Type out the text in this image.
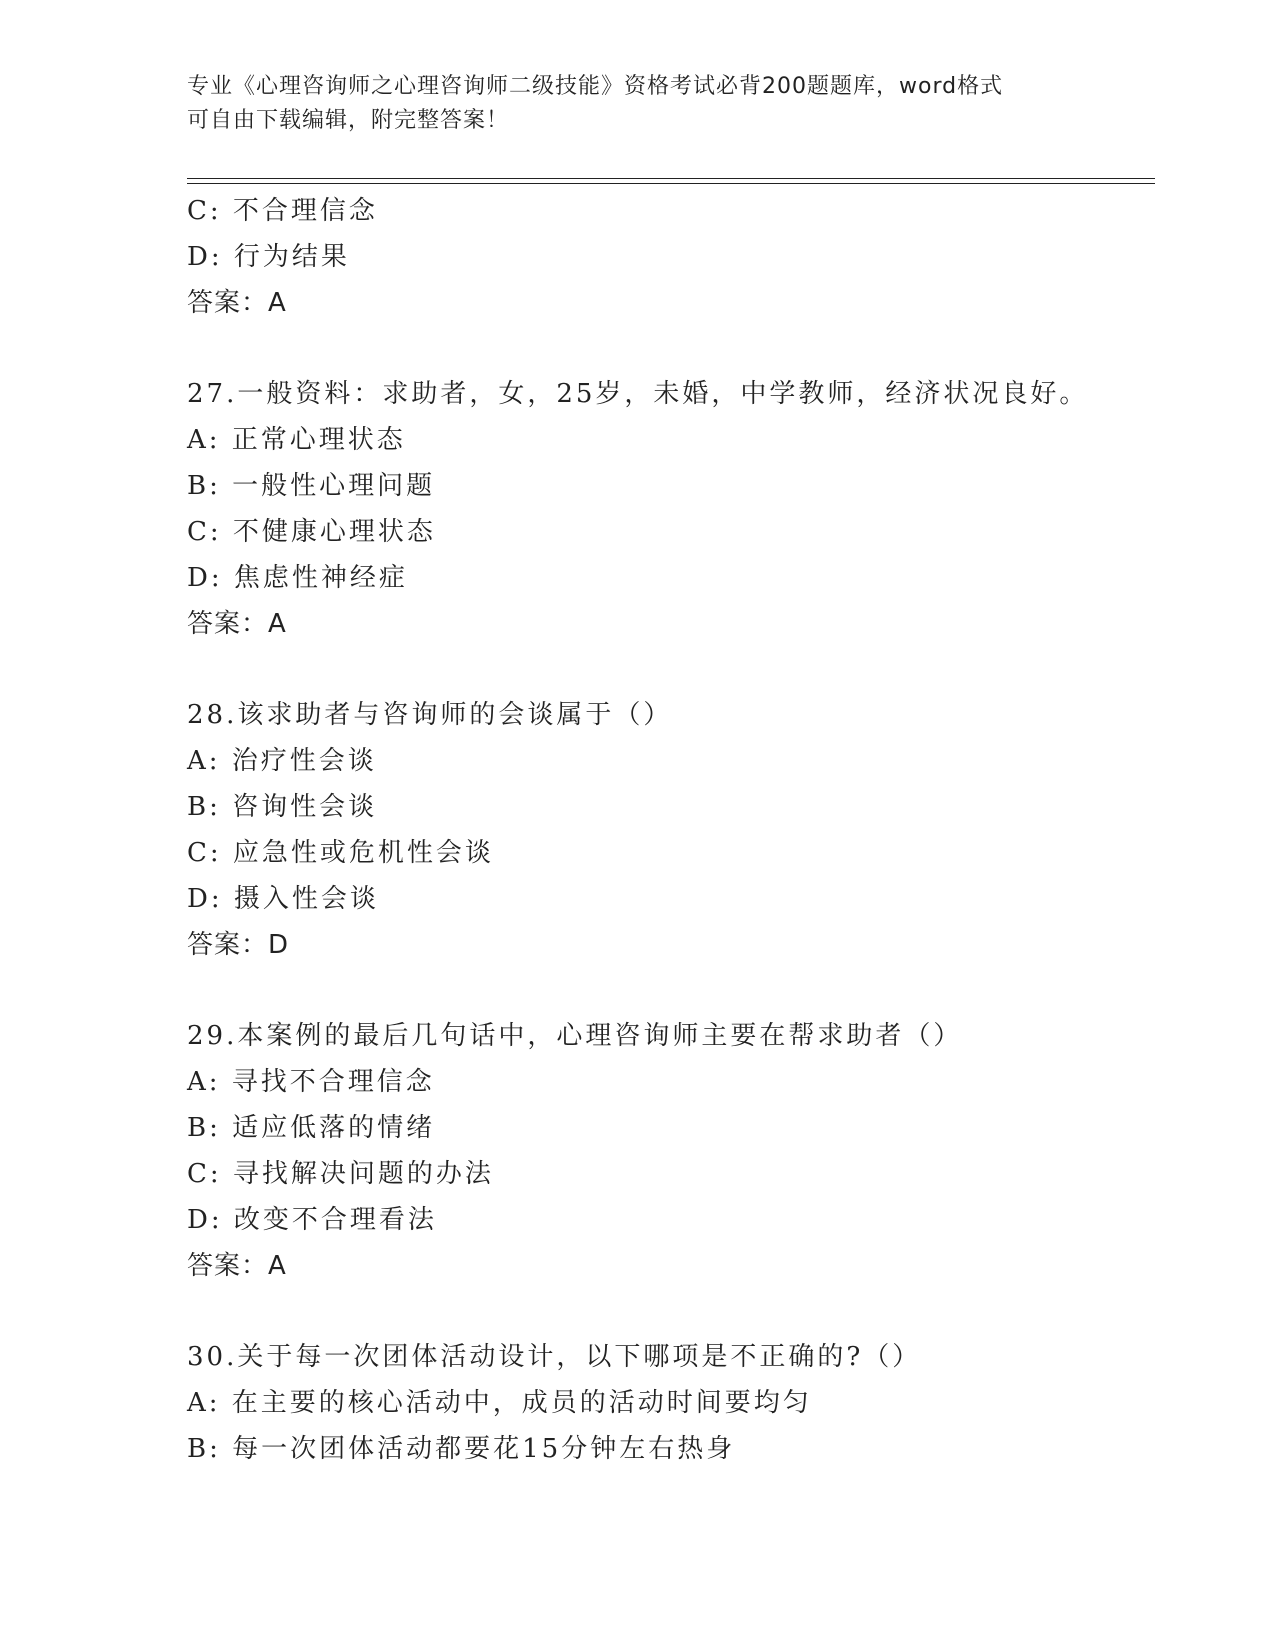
专业《心理咨询师之心理咨询师二级技能》资格考试必背200题题库，word格式
可自由下载编辑，附完整答案！
C: 不合理信念
D: 行为结果
答案：A
27.一般资料：求助者，女，25岁，未婚，中学教师，经济状况良好。
A: 正常心理状态
B: 一般性心理问题
C: 不健康心理状态
D: 焦虑性神经症
答案：A
28.该求助者与咨询师的会谈属于（）
A: 治疗性会谈
B: 咨询性会谈
C: 应急性或危机性会谈
D: 摄入性会谈
答案：D
29.本案例的最后几句话中，心理咨询师主要在帮求助者（）
A: 寻找不合理信念
B: 适应低落的情绪
C: 寻找解决问题的办法
D: 改变不合理看法
答案：A
30.关于每一次团体活动设计，以下哪项是不正确的?（）
A: 在主要的核心活动中，成员的活动时间要均匀
B: 每一次团体活动都要花15分钟左右热身
